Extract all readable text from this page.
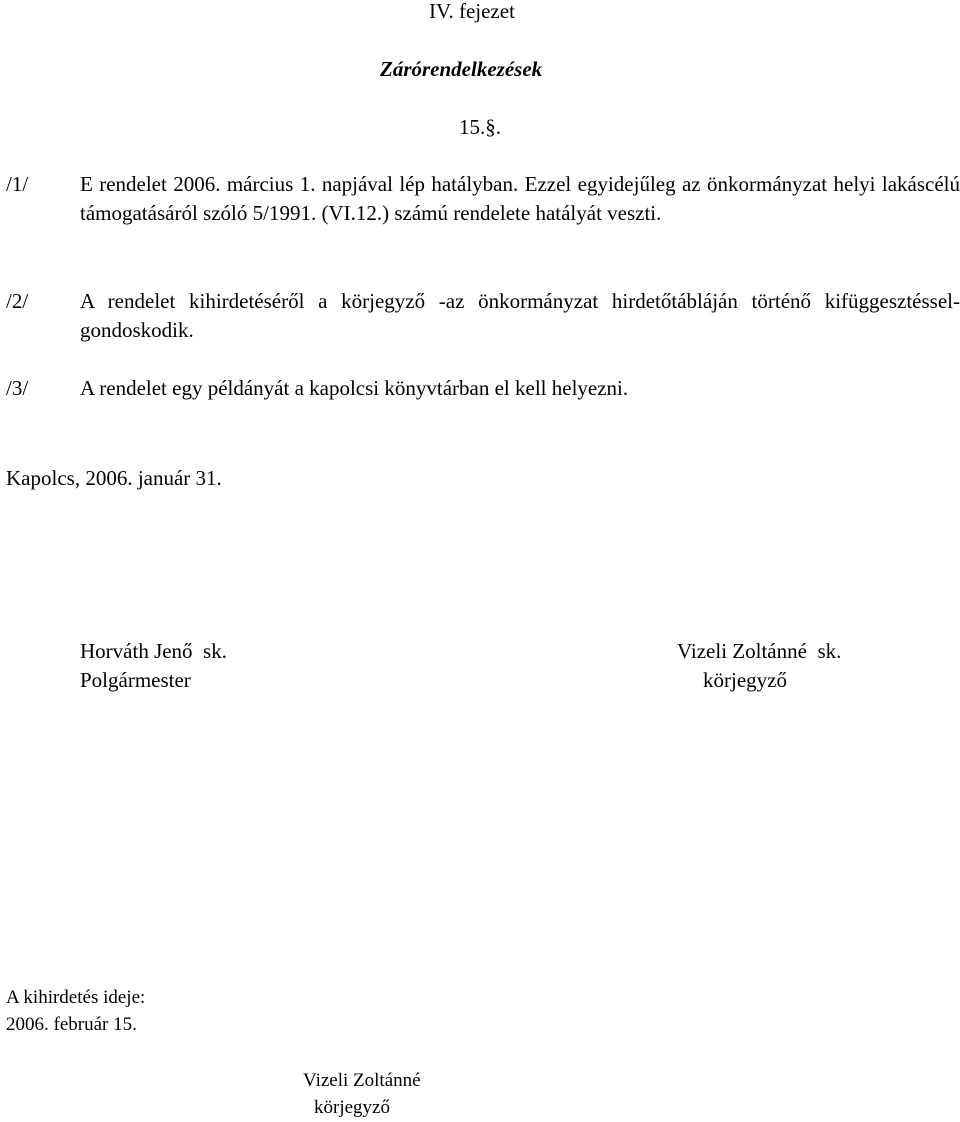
IV. fejezet
Zárórendelkezések
15.§.
/1/ E rendelet 2006. március 1. napjával lép hatályban. Ezzel egyidejűleg az önkormányzat helyi lakáscélú támogatásáról szóló 5/1991. (VI.12.) számú rendelete hatályát veszti.
/2/ A rendelet kihirdetéséről a körjegyző -az önkormányzat hirdetőtábláján történő kifüggesztéssel- gondoskodik.
/3/ A rendelet egy példányát a kapolcsi könyvtárban el kell helyezni.
Kapolcs, 2006. január 31.
Horváth Jenő  sk.
Polgármester
Vizeli Zoltánné  sk.
körjegyző
A kihirdetés ideje:
2006. február 15.
Vizeli Zoltánné
körjegyző
